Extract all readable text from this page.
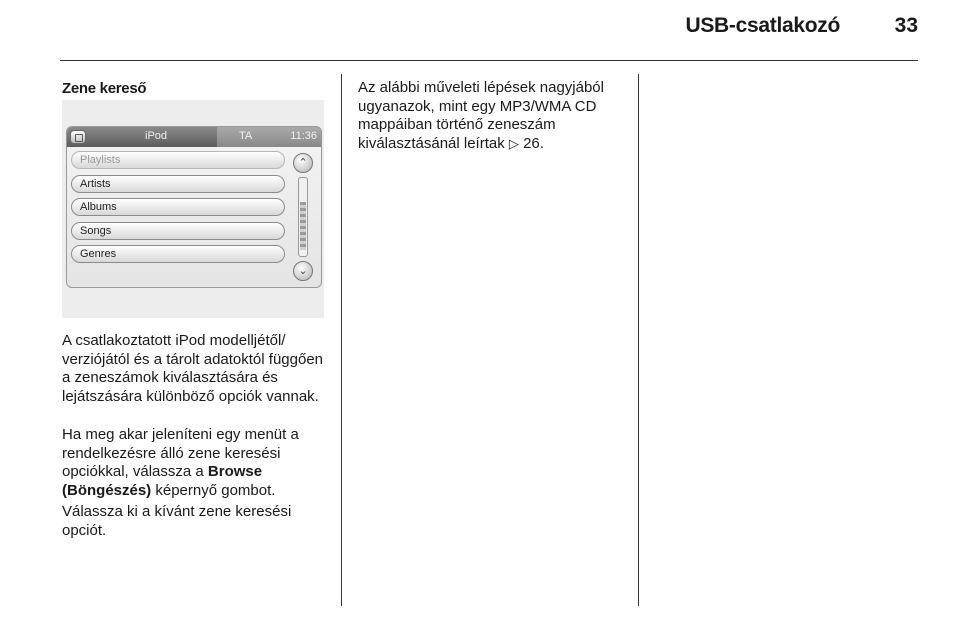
USB-csatlakozó	33
Zene kereső
iPod	TA	11:36
Playlists
Artists
Albums
Songs
Genres
⌃
⌄

A csatlakoztatott iPod modelljétől/ verziójától és a tárolt adatoktól függően a zeneszámok kiválasztására és lejátszására különböző opciók vannak.

Ha meg akar jeleníteni egy menüt a rendelkezésre álló zene keresési opciókkal, válassza a Browse (Böngészés) képernyő gombot.

Válassza ki a kívánt zene keresési opciót.

Az alábbi műveleti lépések nagyjából ugyanazok, mint egy MP3/WMA CD mappáiban történő zeneszám kiválasztásánál leírtak ▷ 26.
